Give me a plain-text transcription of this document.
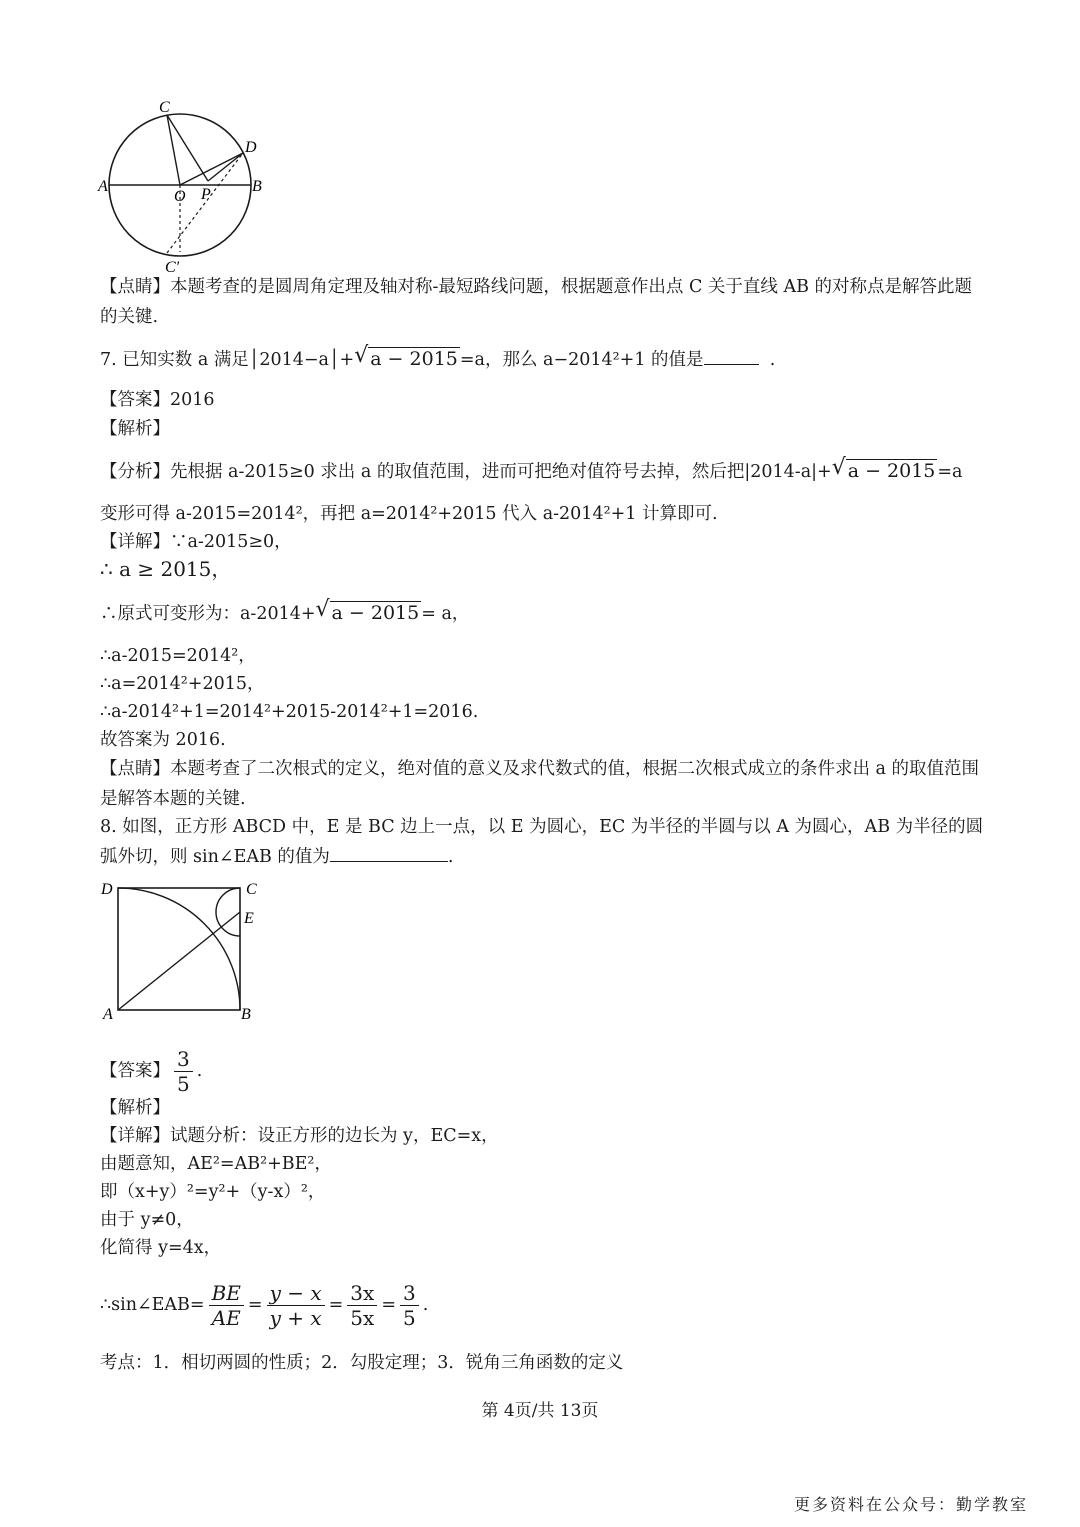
C
D
A
O P	B
C′
【点睛】本题考查的是圆周角定理及轴对称-最短路线问题，根据题意作出点 C 关于直线 AB 的对称点是解答此题的关键.
7. 已知实数 a 满足│2014−a│+ √ a − 2015 =a，那么 a−2014²+1 的值是	.
【答案】2016
【解析】
【分析】先根据 a-2015≥0 求出 a 的取值范围，进而可把绝对值符号去掉，然后把|2014-a|+ √ a − 2015 =a
变形可得 a-2015=2014²，再把 a=2014²+2015 代入 a-2014²+1 计算即可.
【详解】∵a-2015≥0，
∴ a ≥ 2015，
∴原式可变形为：a-2014+ √ a − 2015 = a，
∴a-2015=2014²，
∴a=2014²+2015，
∴a-2014²+1=2014²+2015-2014²+1=2016.
故答案为 2016.
【点睛】本题考查了二次根式的定义，绝对值的意义及求代数式的值，根据二次根式成立的条件求出 a 的取值范围是解答本题的关键.
8. 如图，正方形 ABCD 中，E 是 BC 边上一点，以 E 为圆心，EC 为半径的半圆与以 A 为圆心，AB 为半径的圆弧外切，则 sin∠EAB 的值为	.
D	C
E
A	B
【答案】 $\frac{3}{5}$ .
【解析】
【详解】试题分析：设正方形的边长为 y，EC=x，
由题意知，AE²=AB²+BE²，
即（x+y）²=y²+（y-x）²，
由于 y≠0，
化简得 y=4x，
∴sin∠EAB= $\frac{BE}{AE} = \frac{y - x}{y + x} = \frac{3x}{5x} = \frac{3}{5}$ .
考点：1．相切两圆的性质；2．勾股定理；3．锐角三角函数的定义
第 4页/共 13页
更多资料在公众号：勤学教室
